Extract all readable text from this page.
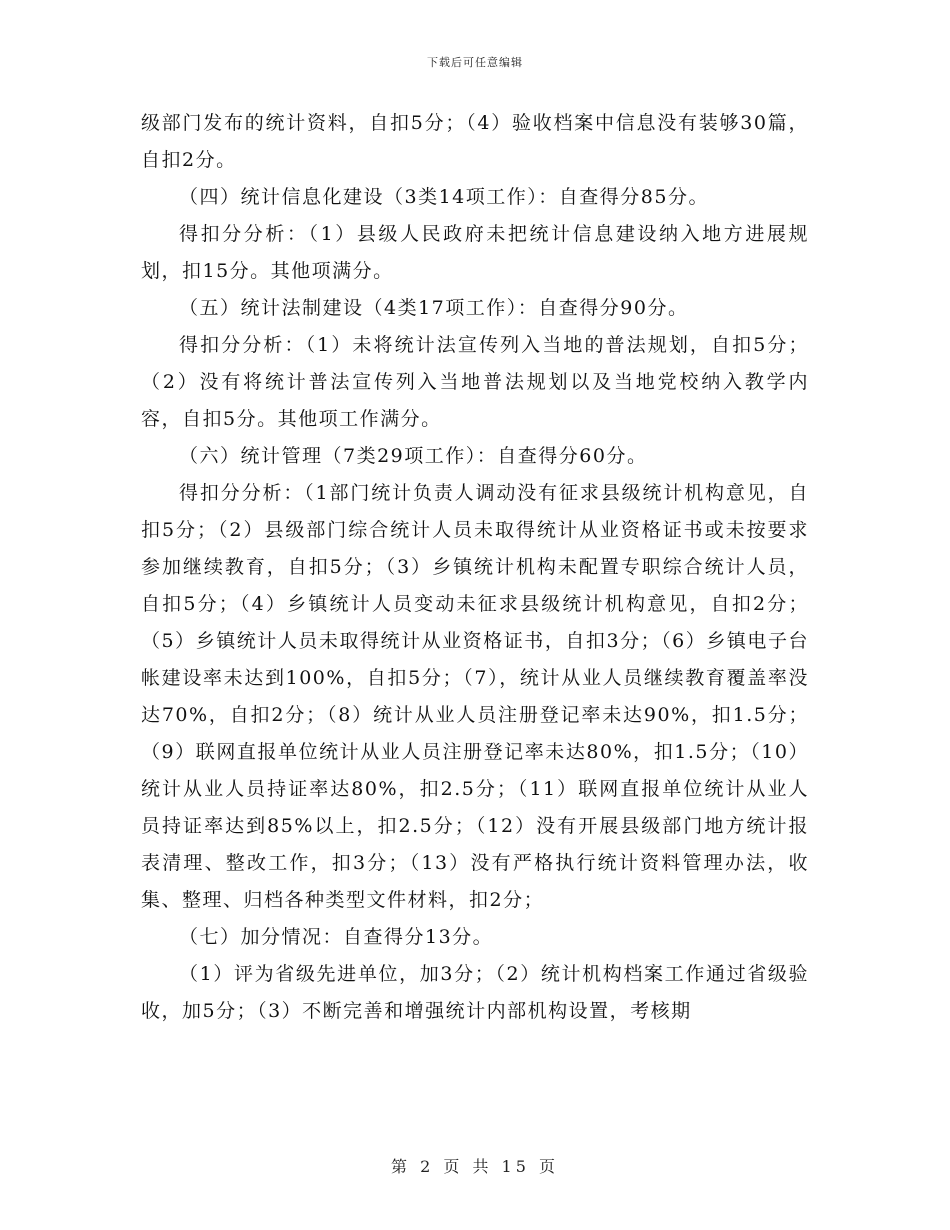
下载后可任意编辑

级部门发布的统计资料，自扣5分；（4）验收档案中信息没有装够30篇，自扣2分。

（四）统计信息化建设（3类14项工作）：自查得分85分。

得扣分分析：（1）县级人民政府未把统计信息建设纳入地方进展规划，扣15分。其他项满分。

（五）统计法制建设（4类17项工作）：自查得分90分。

得扣分分析：（1）未将统计法宣传列入当地的普法规划，自扣5分；（2）没有将统计普法宣传列入当地普法规划以及当地党校纳入教学内容，自扣5分。其他项工作满分。

（六）统计管理（7类29项工作）：自查得分60分。

得扣分分析：（1部门统计负责人调动没有征求县级统计机构意见，自扣5分；（2）县级部门综合统计人员未取得统计从业资格证书或未按要求参加继续教育，自扣5分；（3）乡镇统计机构未配置专职综合统计人员，自扣5分；（4）乡镇统计人员变动未征求县级统计机构意见，自扣2分；（5）乡镇统计人员未取得统计从业资格证书，自扣3分；（6）乡镇电子台帐建设率未达到100%，自扣5分；（7），统计从业人员继续教育覆盖率没达70%，自扣2分；（8）统计从业人员注册登记率未达90%，扣1.5分；（9）联网直报单位统计从业人员注册登记率未达80%，扣1.5分；（10）统计从业人员持证率达80%，扣2.5分；（11）联网直报单位统计从业人员持证率达到85%以上，扣2.5分；（12）没有开展县级部门地方统计报表清理、整改工作，扣3分；（13）没有严格执行统计资料管理办法，收集、整理、归档各种类型文件材料，扣2分；

（七）加分情况：自查得分13分。

（1）评为省级先进单位，加3分；（2）统计机构档案工作通过省级验收，加5分；（3）不断完善和增强统计内部机构设置，考核期

第 2 页 共 15 页
